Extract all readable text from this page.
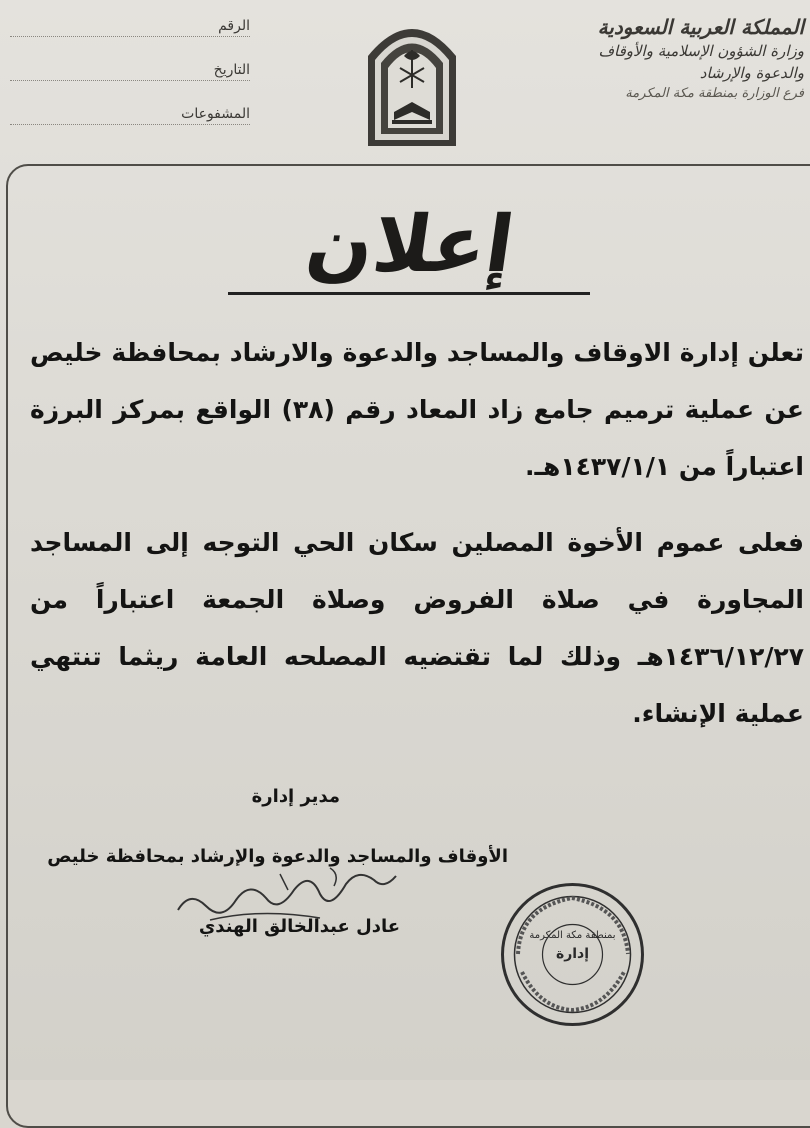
الرقم
التاريخ
المشفوعات
المملكة العربية السعودية
وزارة الشؤون الإسلامية والأوقاف
والدعوة والإرشاد
فرع الوزارة بمنطقة مكة المكرمة
إعلان
تعلن إدارة الاوقاف والمساجد والدعوة والارشاد بمحافظة خليص عن عملية ترميم جامع زاد المعاد رقم (٣٨) الواقع بمركز البرزة اعتباراً من ١٤٣٧/١/١هـ.
فعلى عموم الأخوة المصلين سكان الحي التوجه إلى المساجد المجاورة في صلاة الفروض وصلاة الجمعة اعتباراً من ١٤٣٦/١٢/٢٧هـ وذلك لما تقتضيه المصلحه العامة ريثما تنتهي عملية الإنشاء.
مدير إدارة
الأوقاف والمساجد والدعوة والإرشاد بمحافظة خليص
عادل عبدالخالق الهندي	بمنطقة مكة المكرمة
إدارة
